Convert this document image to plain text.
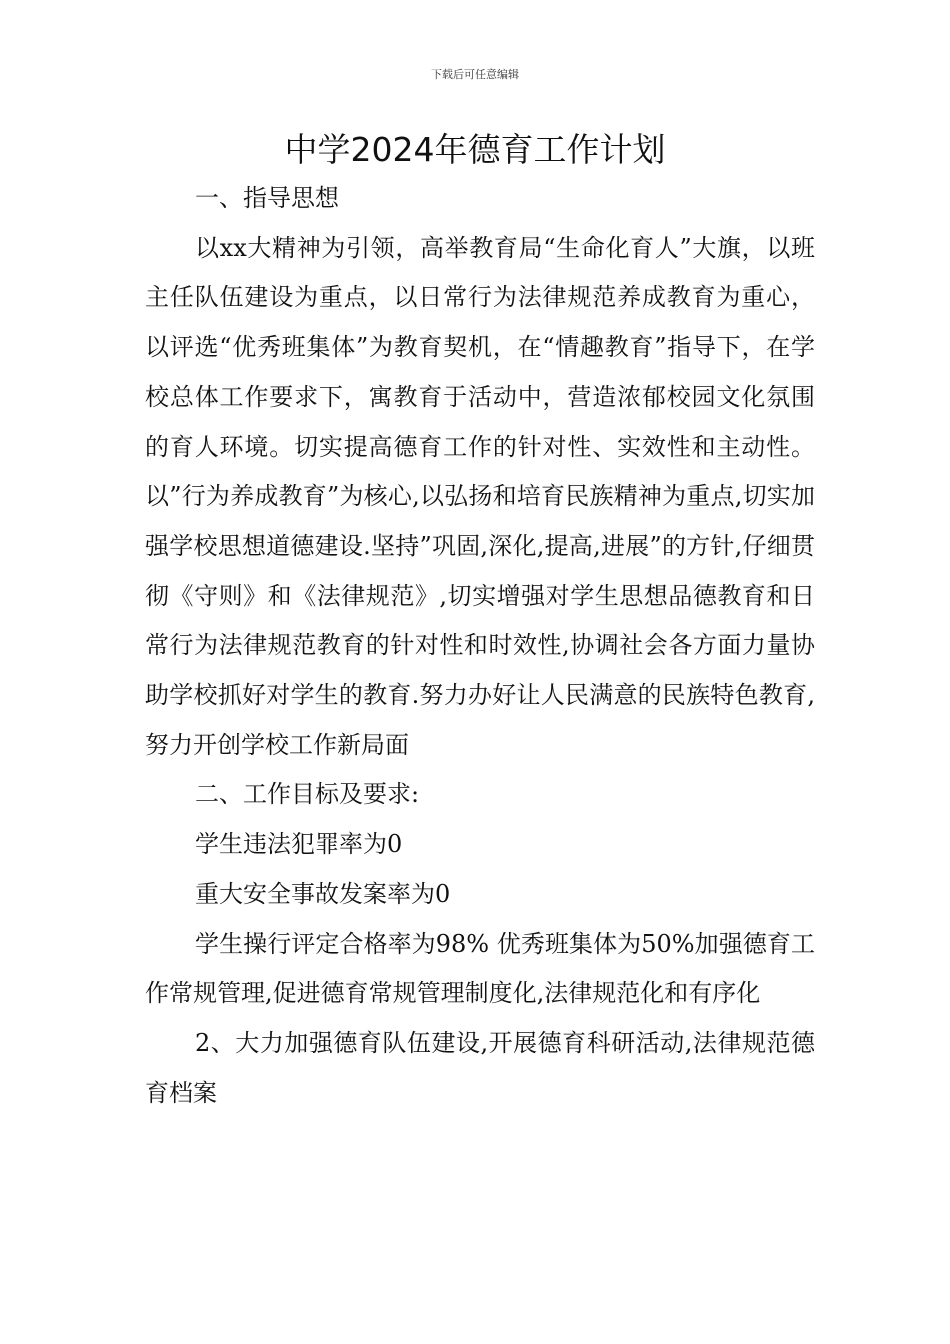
下载后可任意编辑
中学2024年德育工作计划

一、指导思想

以xx大精神为引领，高举教育局“生命化育人”大旗，以班主任队伍建设为重点，以日常行为法律规范养成教育为重心，以评选“优秀班集体”为教育契机，在“情趣教育”指导下，在学校总体工作要求下，寓教育于活动中，营造浓郁校园文化氛围的育人环境。切实提高德育工作的针对性、实效性和主动性。以”行为养成教育”为核心,以弘扬和培育民族精神为重点,切实加强学校思想道德建设.坚持”巩固,深化,提高,进展”的方针,仔细贯彻《守则》和《法律规范》,切实增强对学生思想品德教育和日常行为法律规范教育的针对性和时效性,协调社会各方面力量协助学校抓好对学生的教育.努力办好让人民满意的民族特色教育,努力开创学校工作新局面

二、工作目标及要求:

学生违法犯罪率为0

重大安全事故发案率为0

学生操行评定合格率为98% 优秀班集体为50%加强德育工作常规管理,促进德育常规管理制度化,法律规范化和有序化

2、大力加强德育队伍建设,开展德育科研活动,法律规范德育档案
